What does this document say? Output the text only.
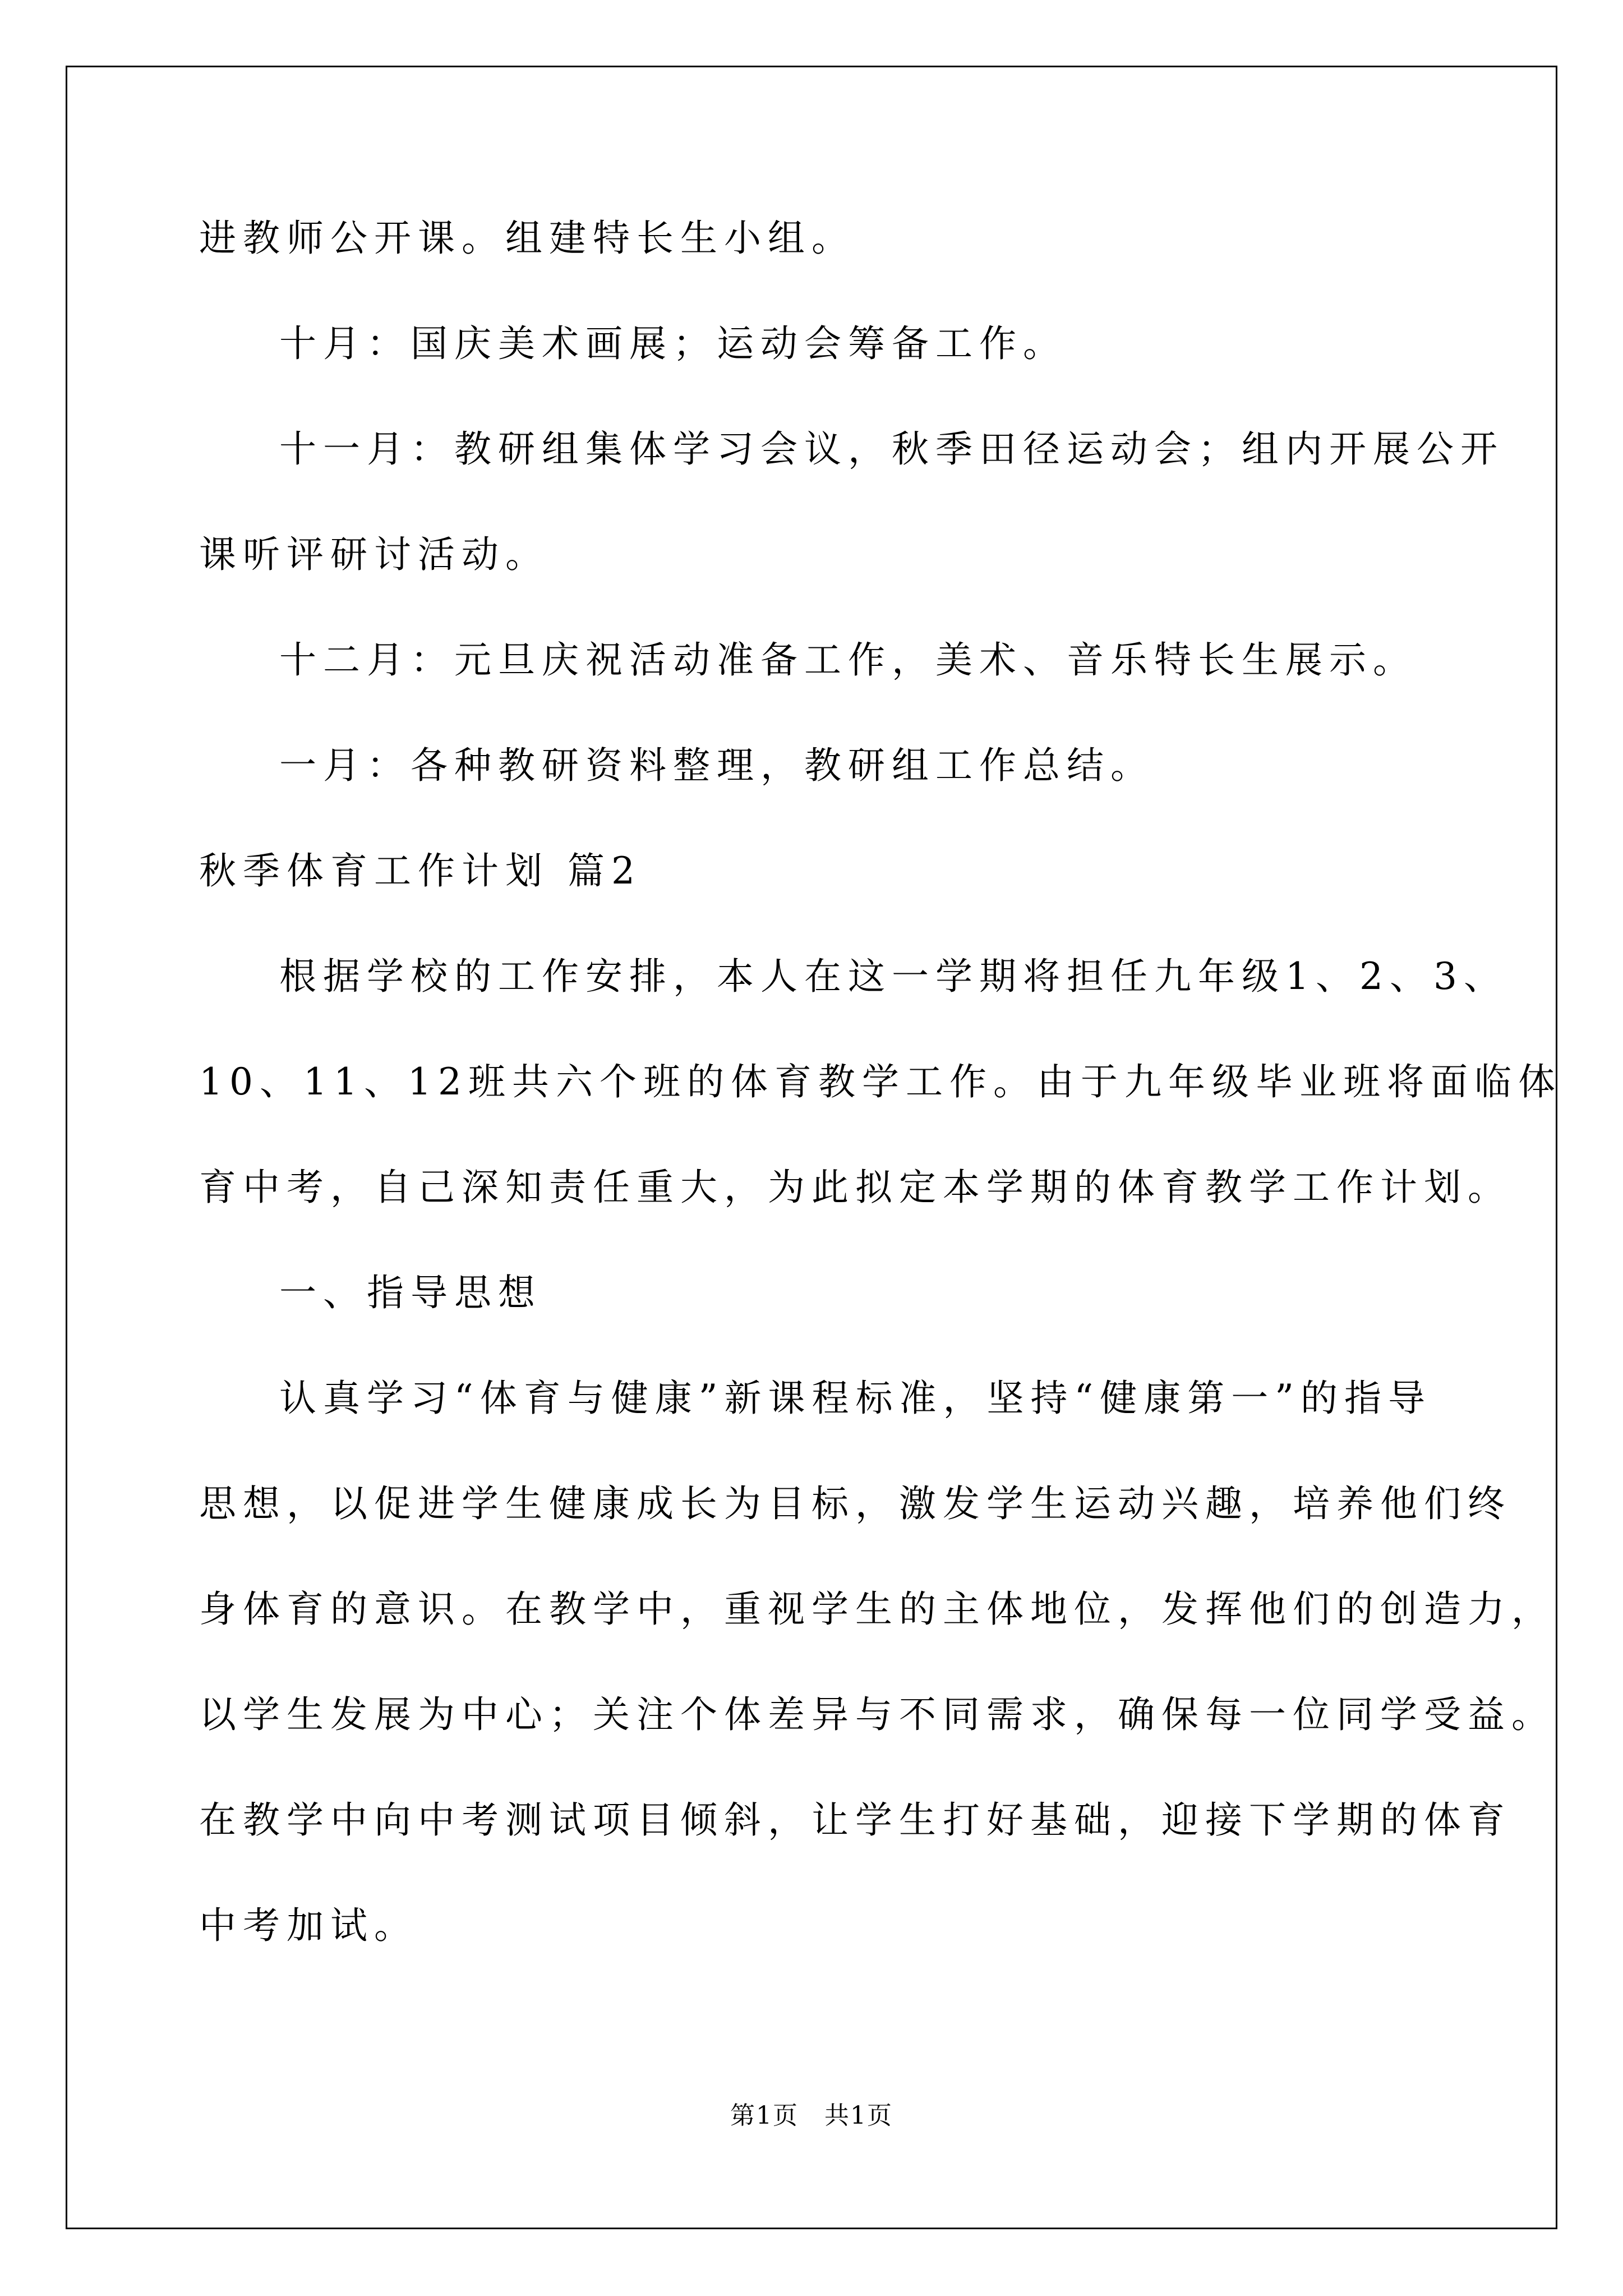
进教师公开课。组建特长生小组。
十月：国庆美术画展；运动会筹备工作。
十一月：教研组集体学习会议，秋季田径运动会；组内开展公开
课听评研讨活动。
十二月：元旦庆祝活动准备工作，美术、音乐特长生展示。
一月：各种教研资料整理，教研组工作总结。
秋季体育工作计划 篇2
根据学校的工作安排，本人在这一学期将担任九年级1、2、3、
10、11、12班共六个班的体育教学工作。由于九年级毕业班将面临体
育中考，自己深知责任重大，为此拟定本学期的体育教学工作计划。
一、指导思想
认真学习“体育与健康”新课程标准，坚持“健康第一”的指导
思想，以促进学生健康成长为目标，激发学生运动兴趣，培养他们终
身体育的意识。在教学中，重视学生的主体地位，发挥他们的创造力，
以学生发展为中心；关注个体差异与不同需求，确保每一位同学受益。
在教学中向中考测试项目倾斜，让学生打好基础，迎接下学期的体育
中考加试。
第1页　共1页
